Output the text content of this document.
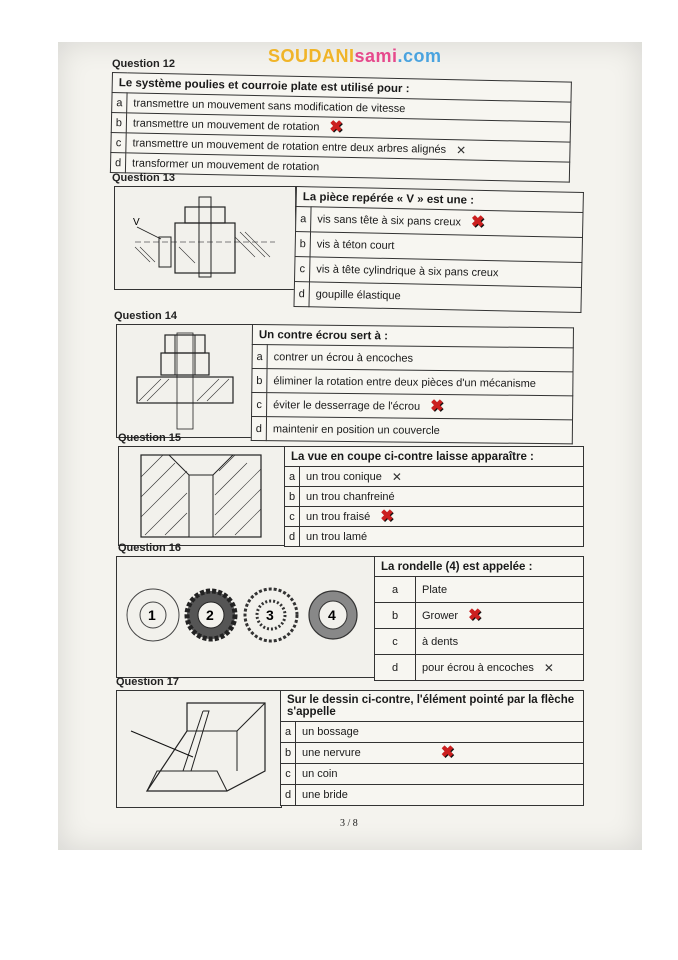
SOUDANIsami.com
Question 12
Le système poulies et courroie plate est utilisé pour :	
a	transmettre un mouvement sans modification de vitesse
b	transmettre un mouvement de rotation ✖
c	transmettre un mouvement de rotation entre deux arbres alignés ✕
d	transformer un mouvement de rotation
Question 13
V
La pièce repérée « V » est une :	
a	vis sans tête à six pans creux ✖
b	vis à téton court
c	vis à tête cylindrique à six pans creux
d	goupille élastique
Question 14
Un contre écrou sert à :	
a	contrer un écrou à encoches
b	éliminer la rotation entre deux pièces d'un mécanisme
c	éviter le desserrage de l'écrou ✖
d	maintenir en position un couvercle
Question 15
La vue en coupe ci-contre laisse apparaître :	
a	un trou conique ✕
b	un trou chanfreiné
c	un trou fraisé ✖
d	un trou lamé
Question 16
1	2	3	4
La rondelle (4) est appelée :	
a	Plate
b	Grower ✖
c	à dents
d	pour écrou à encoches ✕
Question 17
Sur le dessin ci-contre, l'élément pointé par la flèche s'appelle	
a	un bossage
b	une nervure ✖
c	un coin
d	une bride
3 / 8
